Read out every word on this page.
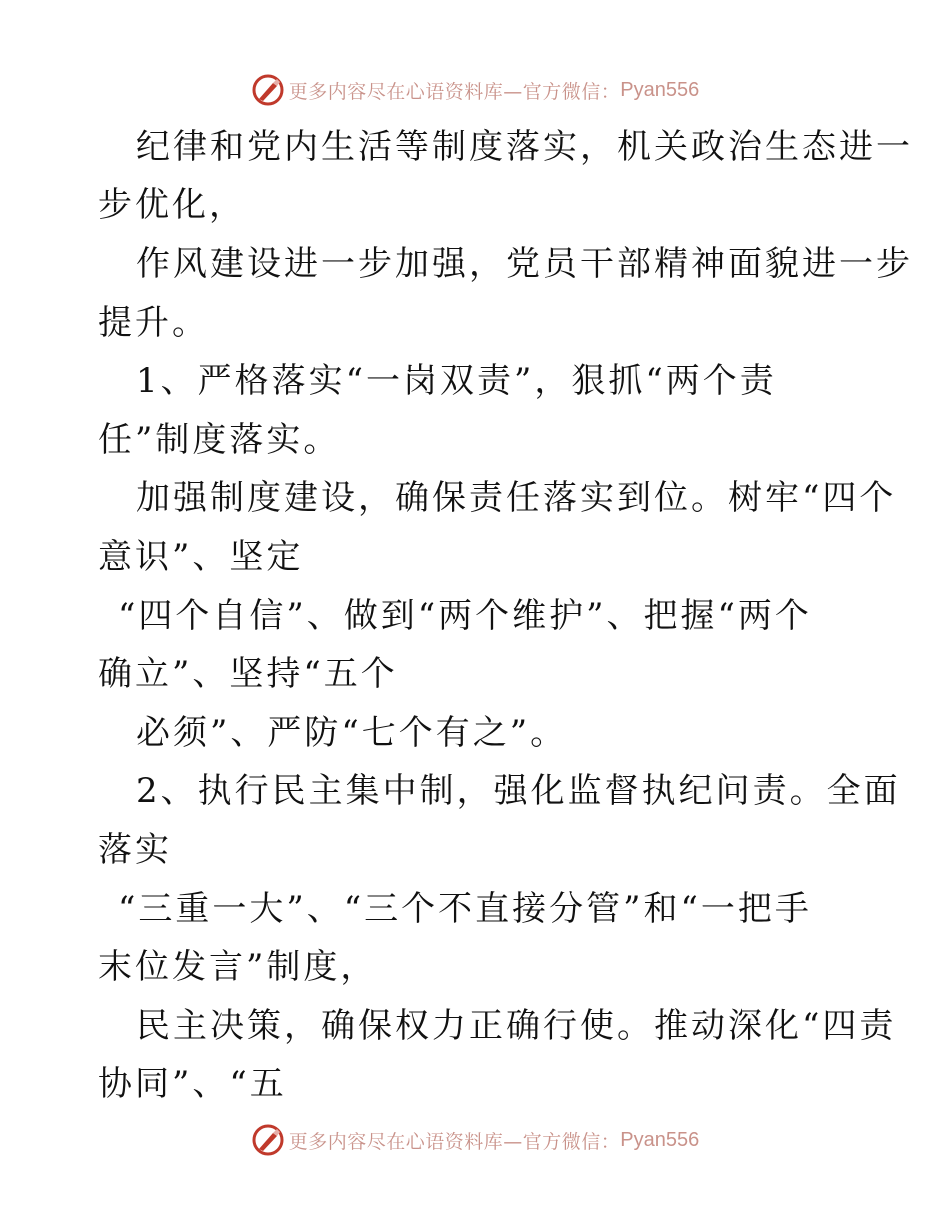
更多内容尽在心语资料库—官方微信： Pyan556
纪律和党内生活等制度落实，机关政治生态进一
步优化，
作风建设进一步加强，党员干部精神面貌进一步
提升。
1、严格落实“一岗双责”，狠抓“两个责
任”制度落实。
加强制度建设，确保责任落实到位。树牢“四个
意识”、坚定
“四个自信”、做到“两个维护”、把握“两个
确立”、坚持“五个
必须”、严防“七个有之”。
2、执行民主集中制，强化监督执纪问责。全面
落实
“三重一大”、“三个不直接分管”和“一把手
末位发言”制度，
民主决策，确保权力正确行使。推动深化“四责
协同”、“五
更多内容尽在心语资料库—官方微信： Pyan556
